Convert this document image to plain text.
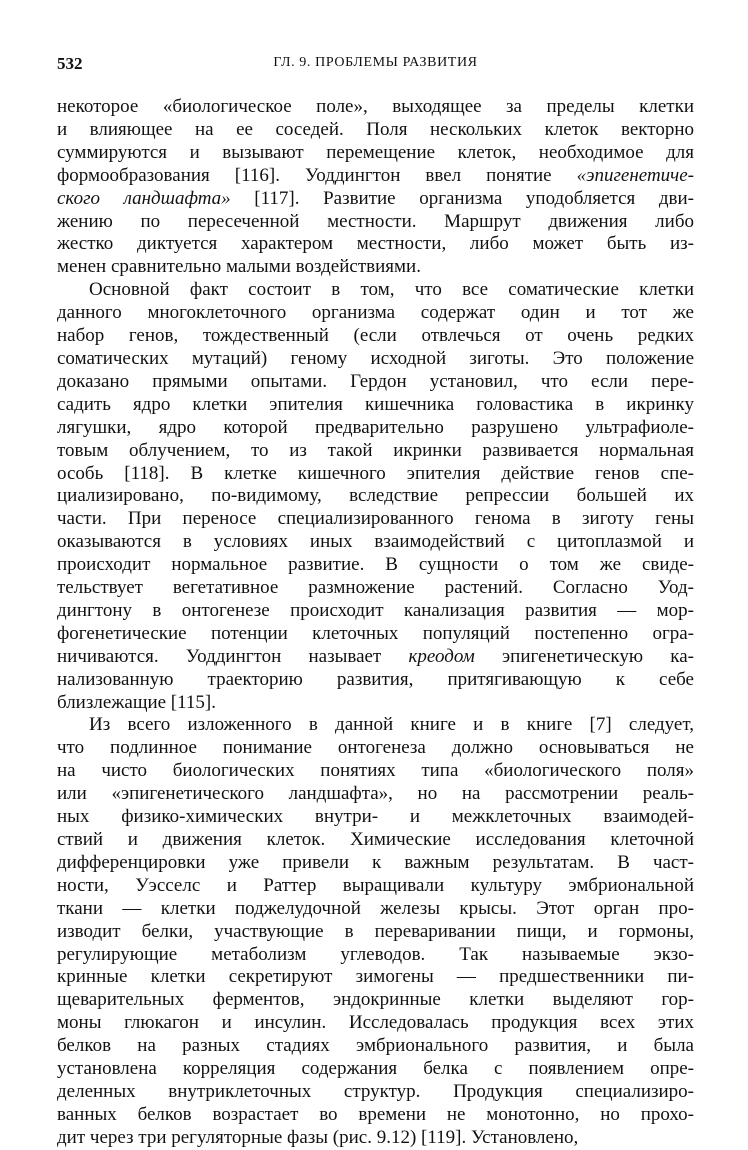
532	ГЛ. 9. ПРОБЛЕМЫ РАЗВИТИЯ

некоторое «биологическое поле», выходящее за пределы клетки
и влияющее на ее соседей. Поля нескольких клеток векторно
суммируются и вызывают перемещение клеток, необходимое для
формообразования [116]. Уоддингтон ввел понятие «эпигенетиче-
ского ландшафта» [117]. Развитие организма уподобляется дви-
жению по пересеченной местности. Маршрут движения либо
жестко диктуется характером местности, либо может быть из-
менен сравнительно малыми воздействиями.

Основной факт состоит в том, что все соматические клетки
данного многоклеточного организма содержат один и тот же
набор генов, тождественный (если отвлечься от очень редких
соматических мутаций) геному исходной зиготы. Это положение
доказано прямыми опытами. Гердон установил, что если пере-
садить ядро клетки эпителия кишечника головастика в икринку
лягушки, ядро которой предварительно разрушено ультрафиоле-
товым облучением, то из такой икринки развивается нормальная
особь [118]. В клетке кишечного эпителия действие генов спе-
циализировано, по-видимому, вследствие репрессии большей их
части. При переносе специализированного генома в зиготу гены
оказываются в условиях иных взаимодействий с цитоплазмой и
происходит нормальное развитие. В сущности о том же свиде-
тельствует вегетативное размножение растений. Согласно Уод-
дингтону в онтогенезе происходит канализация развития — мор-
фогенетические потенции клеточных популяций постепенно огра-
ничиваются. Уоддингтон называет креодом эпигенетическую ка-
нализованную траекторию развития, притягивающую к себе
близлежащие [115].

Из всего изложенного в данной книге и в книге [7] следует,
что подлинное понимание онтогенеза должно основываться не
на чисто биологических понятиях типа «биологического поля»
или «эпигенетического ландшафта», но на рассмотрении реаль-
ных физико-химических внутри- и межклеточных взаимодей-
ствий и движения клеток. Химические исследования клеточной
дифференцировки уже привели к важным результатам. В част-
ности, Уэсселс и Раттер выращивали культуру эмбриональной
ткани — клетки поджелудочной железы крысы. Этот орган про-
изводит белки, участвующие в переваривании пищи, и гормоны,
регулирующие метаболизм углеводов. Так называемые экзо-
кринные клетки секретируют зимогены — предшественники пи-
щеварительных ферментов, эндокринные клетки выделяют гор-
моны глюкагон и инсулин. Исследовалась продукция всех этих
белков на разных стадиях эмбрионального развития, и была
установлена корреляция содержания белка с появлением опре-
деленных внутриклеточных структур. Продукция специализиро-
ванных белков возрастает во времени не монотонно, но прохо-
дит через три регуляторные фазы (рис. 9.12) [119]. Установлено,
